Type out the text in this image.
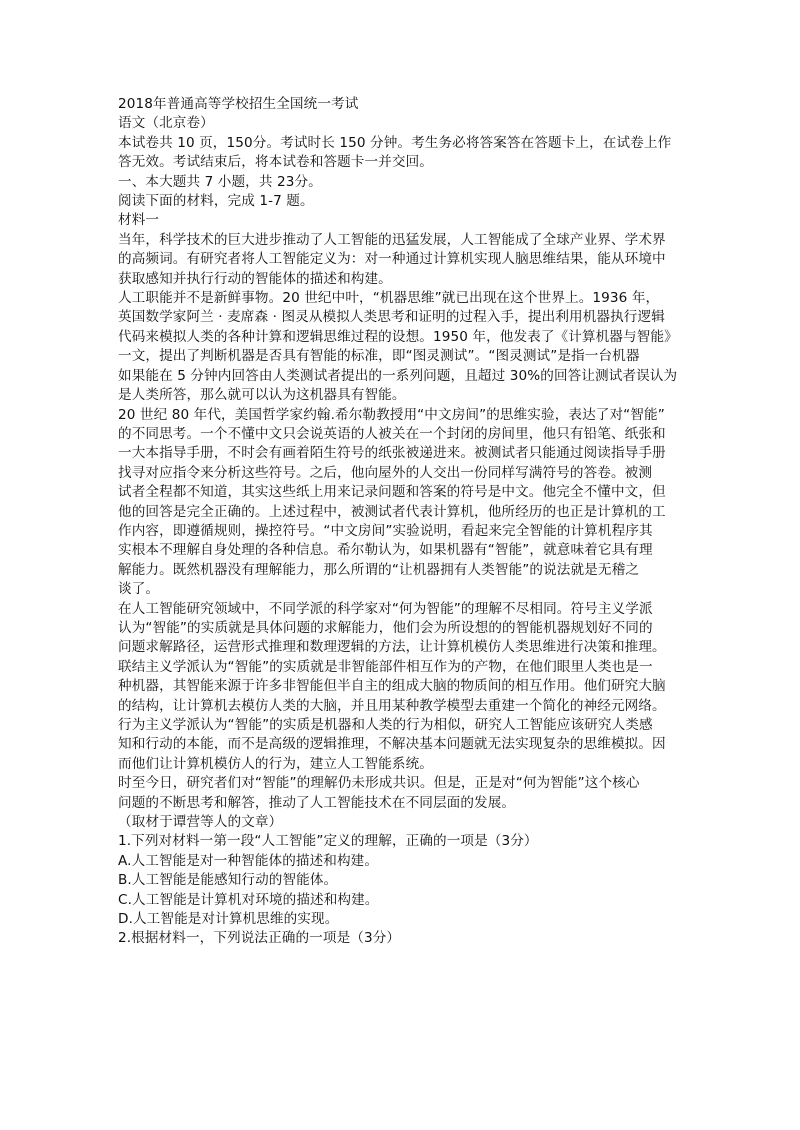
2018年普通高等学校招生全国统一考试
语文（北京卷）
本试卷共 10 页，150分。考试时长 150 分钟。考生务必将答案答在答题卡上，在试卷上作
答无效。考试结束后，将本试卷和答题卡一并交回。
一、本大题共 7 小题，共 23分。
阅读下面的材料，完成 1-7 题。
材料一
当年，科学技术的巨大进步推动了人工智能的迅猛发展，人工智能成了全球产业界、学术界
的高频词。有研究者将人工智能定义为：对一种通过计算机实现人脑思维结果，能从环境中
获取感知并执行行动的智能体的描述和构建。
人工职能并不是新鲜事物。20 世纪中叶，“机器思维”就已出现在这个世界上。1936 年，
英国数学家阿兰 · 麦席森 · 图灵从模拟人类思考和证明的过程入手，提出利用机器执行逻辑
代码来模拟人类的各种计算和逻辑思维过程的设想。1950 年，他发表了《计算机器与智能》
一文，提出了判断机器是否具有智能的标准，即“图灵测试”。“图灵测试”是指一台机器
如果能在 5 分钟内回答由人类测试者提出的一系列问题，且超过 30%的回答让测试者误认为
是人类所答，那么就可以认为这机器具有智能。
20 世纪 80 年代，美国哲学家约翰.希尔勒教授用“中文房间”的思维实验，表达了对“智能”
的不同思考。一个不懂中文只会说英语的人被关在一个封闭的房间里，他只有铅笔、纸张和
一大本指导手册，不时会有画着陌生符号的纸张被递进来。被测试者只能通过阅读指导手册
找寻对应指令来分析这些符号。之后，他向屋外的人交出一份同样写满符号的答卷。被测
试者全程都不知道，其实这些纸上用来记录问题和答案的符号是中文。他完全不懂中文，但
他的回答是完全正确的。上述过程中，被测试者代表计算机，他所经历的也正是计算机的工
作内容，即遵循规则，操控符号。“中文房间”实验说明，看起来完全智能的计算机程序其
实根本不理解自身处理的各种信息。希尔勒认为，如果机器有“智能”，就意味着它具有理
解能力。既然机器没有理解能力，那么所谓的“让机器拥有人类智能”的说法就是无稽之
谈了。
在人工智能研究领域中，不同学派的科学家对“何为智能”的理解不尽相同。符号主义学派
认为“智能”的实质就是具体问题的求解能力，他们会为所设想的的智能机器规划好不同的
问题求解路径，运营形式推理和数理逻辑的方法，让计算机模仿人类思维进行决策和推理。
联结主义学派认为“智能”的实质就是非智能部件相互作为的产物，在他们眼里人类也是一
种机器，其智能来源于许多非智能但半自主的组成大脑的物质间的相互作用。他们研究大脑
的结构，让计算机去模仿人类的大脑，并且用某种教学模型去重建一个简化的神经元网络。
行为主义学派认为“智能”的实质是机器和人类的行为相似，研究人工智能应该研究人类感
知和行动的本能，而不是高级的逻辑推理，不解决基本问题就无法实现复杂的思维模拟。因
而他们让计算机模仿人的行为，建立人工智能系统。
时至今日，研究者们对“智能”的理解仍未形成共识。但是，正是对“何为智能”这个核心
问题的不断思考和解答，推动了人工智能技术在不同层面的发展。
（取材于谭营等人的文章）
1.下列对材料一第一段“人工智能”定义的理解，正确的一项是（3分）
A.人工智能是对一种智能体的描述和构建。
B.人工智能是能感知行动的智能体。
C.人工智能是计算机对环境的描述和构建。
D.人工智能是对计算机思维的实现。
2.根据材料一，下列说法正确的一项是（3分）
